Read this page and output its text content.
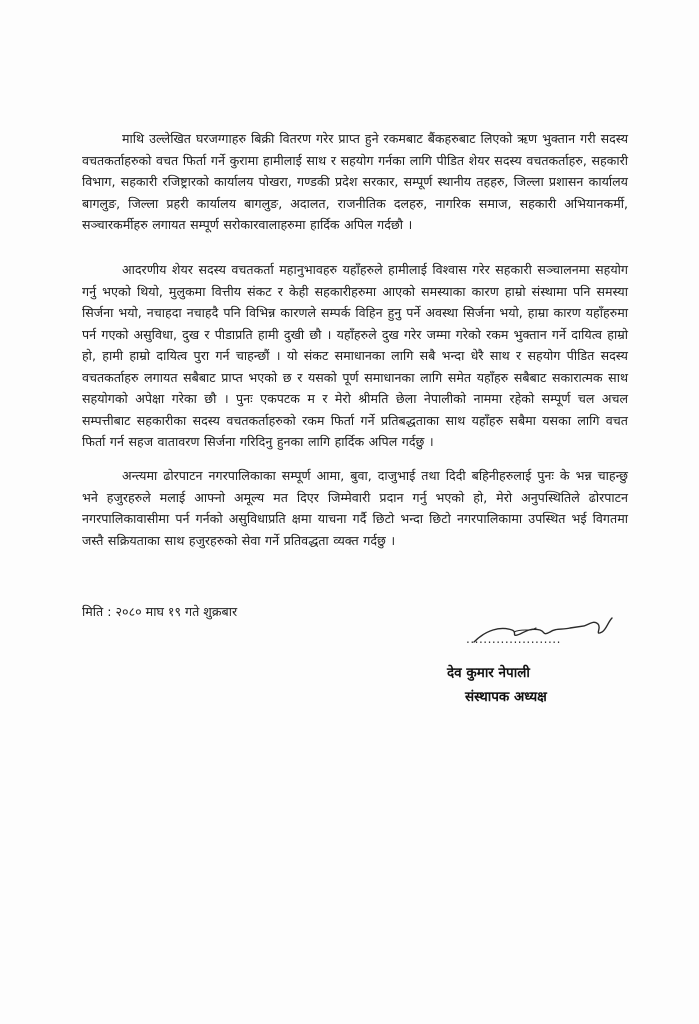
माथि उल्लेखित घरजग्गाहरु बिक्री वितरण गरेर प्राप्त हुने रकमबाट बैंकहरुबाट लिएको ऋण भुक्तान गरी सदस्य वचतकर्ताहरुको वचत फिर्ता गर्ने कुरामा हामीलाई साथ र सहयोग गर्नका लागि पीडित शेयर सदस्य वचतकर्ताहरु, सहकारी विभाग, सहकारी रजिष्ट्रारको कार्यालय पोखरा, गण्डकी प्रदेश सरकार, सम्पूर्ण स्थानीय तहहरु, जिल्ला प्रशासन कार्यालय बागलुङ, जिल्ला प्रहरी कार्यालय बागलुङ, अदालत, राजनीतिक दलहरु, नागरिक समाज, सहकारी अभियानकर्मी, सञ्चारकर्मीहरु लगायत सम्पूर्ण सरोकारवालाहरुमा हार्दिक अपिल गर्दछौ ।

आदरणीय शेयर सदस्य वचतकर्ता महानुभावहरु यहाँहरुले हामीलाई विश्वास गरेर सहकारी सञ्चालनमा सहयोग गर्नु भएको थियो, मुलुकमा वित्तीय संकट र केही सहकारीहरुमा आएको समस्याका कारण हाम्रो संस्थामा पनि समस्या सिर्जना भयो, नचाहदा नचाहदै पनि विभिन्न कारणले सम्पर्क विहिन हुनु पर्ने अवस्था सिर्जना भयो, हाम्रा कारण यहाँहरुमा पर्न गएको असुविधा, दुख र पीडाप्रति हामी दुखी छौ । यहाँहरुले दुख गरेर जम्मा गरेको रकम भुक्तान गर्ने दायित्व हाम्रो हो, हामी हाम्रो दायित्व पुरा गर्न चाहन्छौं । यो संकट समाधानका लागि सबै भन्दा धेरै साथ र सहयोग पीडित सदस्य वचतकर्ताहरु लगायत सबैबाट प्राप्त भएको छ र यसको पूर्ण समाधानका लागि समेत यहाँहरु सबैबाट सकारात्मक साथ सहयोगको अपेक्षा गरेका छौ । पुनः एकपटक म र मेरो श्रीमति छेला नेपालीको नाममा रहेको सम्पूर्ण चल अचल सम्पत्तीबाट सहकारीका सदस्य वचतकर्ताहरुको रकम फिर्ता गर्ने प्रतिबद्धताका साथ यहाँहरु सबैमा यसका लागि वचत फिर्ता गर्न सहज वातावरण सिर्जना गरिदिनु हुनका लागि हार्दिक अपिल गर्दछु ।

अन्त्यमा ढोरपाटन नगरपालिकाका सम्पूर्ण आमा, बुवा, दाजुभाई तथा दिदी बहिनीहरुलाई पुनः के भन्न चाहन्छु भने हजुरहरुले मलाई आफ्नो अमूल्य मत दिएर जिम्मेवारी प्रदान गर्नु भएको हो, मेरो अनुपस्थितिले ढोरपाटन नगरपालिकावासीमा पर्न गर्नको असुविधाप्रति क्षमा याचना गर्दै छिटो भन्दा छिटो नगरपालिकामा उपस्थित भई विगतमा जस्तै सक्रियताका साथ हजुरहरुको सेवा गर्ने प्रतिवद्धता व्यक्त गर्दछु ।

मिति : २०८० माघ १९ गते शुक्रबार
......................
देव कुमार नेपाली
संस्थापक अध्यक्ष
